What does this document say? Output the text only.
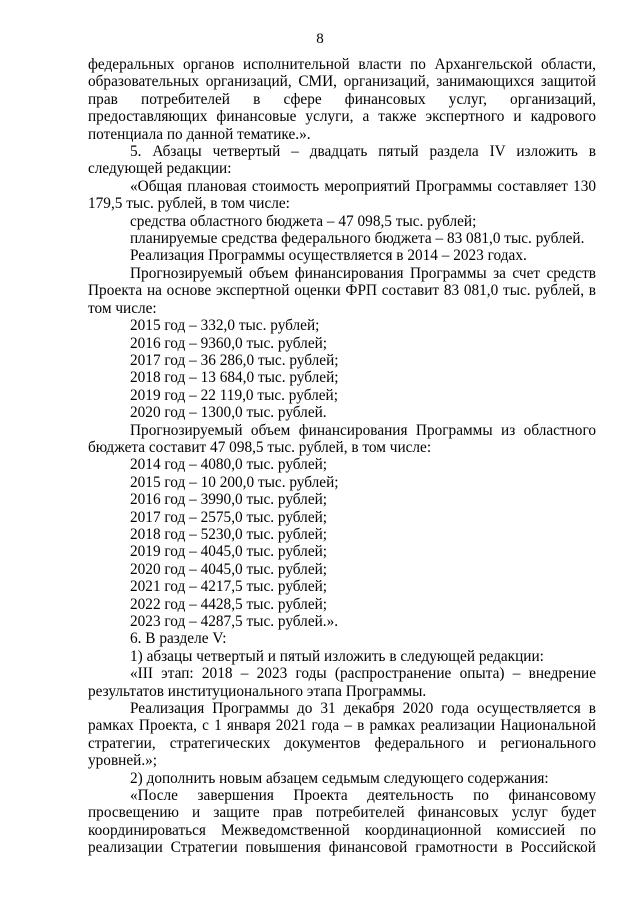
8

федеральных органов исполнительной власти по Архангельской области, образовательных организаций, СМИ, организаций, занимающихся защитой прав потребителей в сфере финансовых услуг, организаций, предоставляющих финансовые услуги, а также экспертного и кадрового потенциала по данной тематике.».

5. Абзацы четвертый – двадцать пятый раздела IV изложить в следующей редакции:

«Общая плановая стоимость мероприятий Программы составляет 130 179,5 тыс. рублей, в том числе:

средства областного бюджета – 47 098,5 тыс. рублей;

планируемые средства федерального бюджета – 83 081,0 тыс. рублей.

Реализация Программы осуществляется в 2014 – 2023 годах.

Прогнозируемый объем финансирования Программы за счет средств Проекта на основе экспертной оценки ФРП составит 83 081,0 тыс. рублей, в том числе:

2015 год – 332,0 тыс. рублей;

2016 год – 9360,0 тыс. рублей;

2017 год – 36 286,0 тыс. рублей;

2018 год – 13 684,0 тыс. рублей;

2019 год – 22 119,0 тыс. рублей;

2020 год – 1300,0 тыс. рублей.

Прогнозируемый объем финансирования Программы из областного бюджета составит 47 098,5 тыс. рублей, в том числе:

2014 год – 4080,0 тыс. рублей;

2015 год – 10 200,0 тыс. рублей;

2016 год – 3990,0 тыс. рублей;

2017 год – 2575,0 тыс. рублей;

2018 год – 5230,0 тыс. рублей;

2019 год – 4045,0 тыс. рублей;

2020 год – 4045,0 тыс. рублей;

2021 год – 4217,5 тыс. рублей;

2022 год – 4428,5 тыс. рублей;

2023 год – 4287,5 тыс. рублей.».

6. В разделе V:

1) абзацы четвертый и пятый изложить в следующей редакции:

«III этап: 2018 – 2023 годы (распространение опыта) – внедрение результатов институционального этапа Программы.

Реализация Программы до 31 декабря 2020 года осуществляется в рамках Проекта, с 1 января 2021 года – в рамках реализации Национальной стратегии, стратегических документов федерального и регионального уровней.»;

2) дополнить новым абзацем седьмым следующего содержания:

«После завершения Проекта деятельность по финансовому просвещению и защите прав потребителей финансовых услуг будет координироваться Межведомственной координационной комиссией по реализации Стратегии повышения финансовой грамотности в Российской
